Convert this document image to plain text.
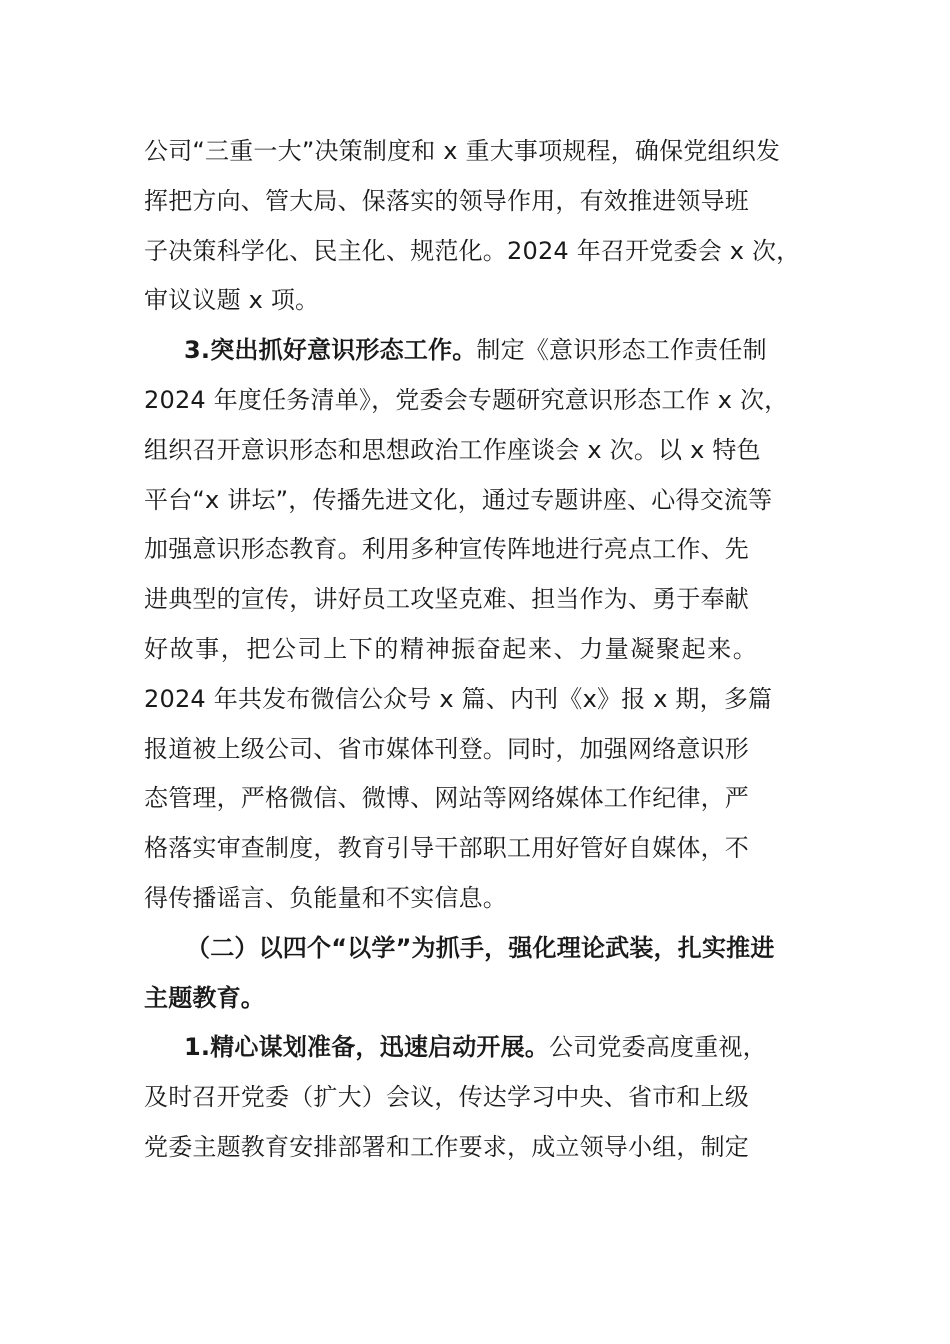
公司“三重一大”决策制度和 x 重大事项规程，确保党组织发
挥把方向、管大局、保落实的领导作用，有效推进领导班
子决策科学化、民主化、规范化。2024 年召开党委会 x 次，
审议议题 x 项。
3.突出抓好意识形态工作。制定《意识形态工作责任制
2024 年度任务清单》，党委会专题研究意识形态工作 x 次，
组织召开意识形态和思想政治工作座谈会 x 次。以 x 特色
平台“x 讲坛”，传播先进文化，通过专题讲座、心得交流等
加强意识形态教育。利用多种宣传阵地进行亮点工作、先
进典型的宣传，讲好员工攻坚克难、担当作为、勇于奉献
好故事，把公司上下的精神振奋起来、力量凝聚起来。
2024 年共发布微信公众号 x 篇、内刊《x》报 x 期，多篇
报道被上级公司、省市媒体刊登。同时，加强网络意识形
态管理，严格微信、微博、网站等网络媒体工作纪律，严
格落实审查制度，教育引导干部职工用好管好自媒体，不
得传播谣言、负能量和不实信息。
（二）以四个“以学”为抓手，强化理论武装，扎实推进
主题教育。
1.精心谋划准备，迅速启动开展。公司党委高度重视，
及时召开党委（扩大）会议，传达学习中央、省市和上级
党委主题教育安排部署和工作要求，成立领导小组，制定
